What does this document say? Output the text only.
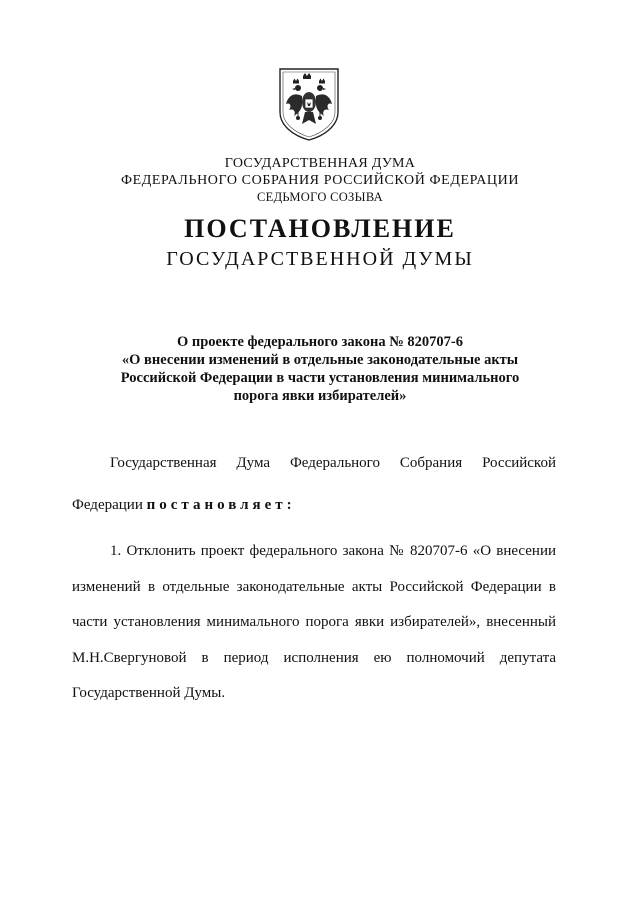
ГОСУДАРСТВЕННАЯ ДУМА
ФЕДЕРАЛЬНОГО СОБРАНИЯ РОССИЙСКОЙ ФЕДЕРАЦИИ
СЕДЬМОГО СОЗЫВА
ПОСТАНОВЛЕНИЕ
ГОСУДАРСТВЕННОЙ ДУМЫ
О проекте федерального закона № 820707-6
«О внесении изменений в отдельные законодательные акты
Российской Федерации в части установления минимального
порога явки избирателей»
Государственная Дума Федерального Собрания Российской
Федерации постановляет:
1. Отклонить проект федерального закона № 820707-6 «О внесении
изменений в отдельные законодательные акты Российской Федерации в
части установления минимального порога явки избирателей», внесенный
М.Н.Свергуновой в период исполнения ею полномочий депутата
Государственной Думы.
